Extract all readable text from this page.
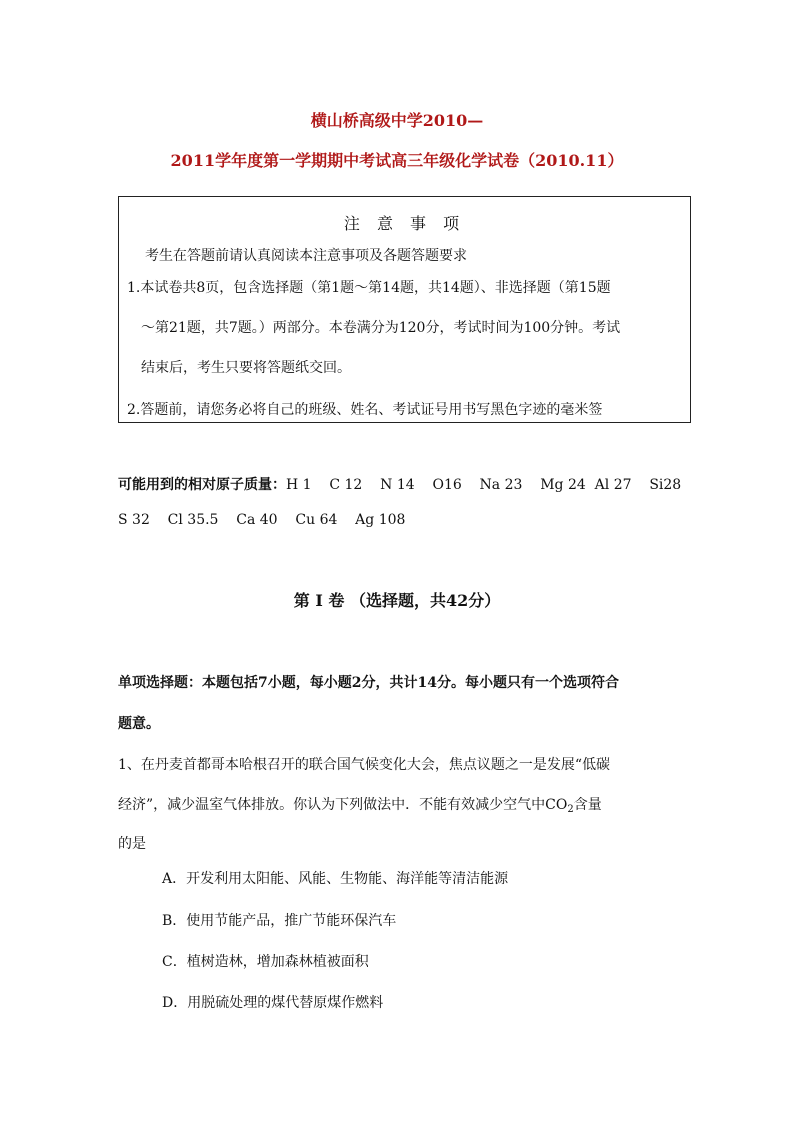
横山桥高级中学2010—
2011学年度第一学期期中考试高三年级化学试卷（2010.11）
注 意 事 项
考生在答题前请认真阅读本注意事项及各题答题要求
1.本试卷共8页，包含选择题（第1题～第14题，共14题）、非选择题（第15题
～第21题，共7题。）两部分。本卷满分为120分，考试时间为100分钟。考试
结束后，考生只要将答题纸交回。
2.答题前，请您务必将自己的班级、姓名、考试证号用书写黑色字迹的毫米签
可能用到的相对原子质量：H 1    C 12    N 14    O16    Na 23    Mg 24  Al 27    Si28
S 32    Cl 35.5    Ca 40    Cu 64    Ag 108
第 I 卷 （选择题，共42分）
单项选择题：本题包括7小题，每小题2分，共计14分。每小题只有一个选项符合
题意。
1、在丹麦首都哥本哈根召开的联合国气候变化大会，焦点议题之一是发展“低碳
经济”，减少温室气体排放。你认为下列做法中．不能有效减少空气中$CO_2$含量
的是
A．开发利用太阳能、风能、生物能、海洋能等清洁能源
B．使用节能产品，推广节能环保汽车
C．植树造林，增加森林植被面积
D．用脱硫处理的煤代替原煤作燃料
